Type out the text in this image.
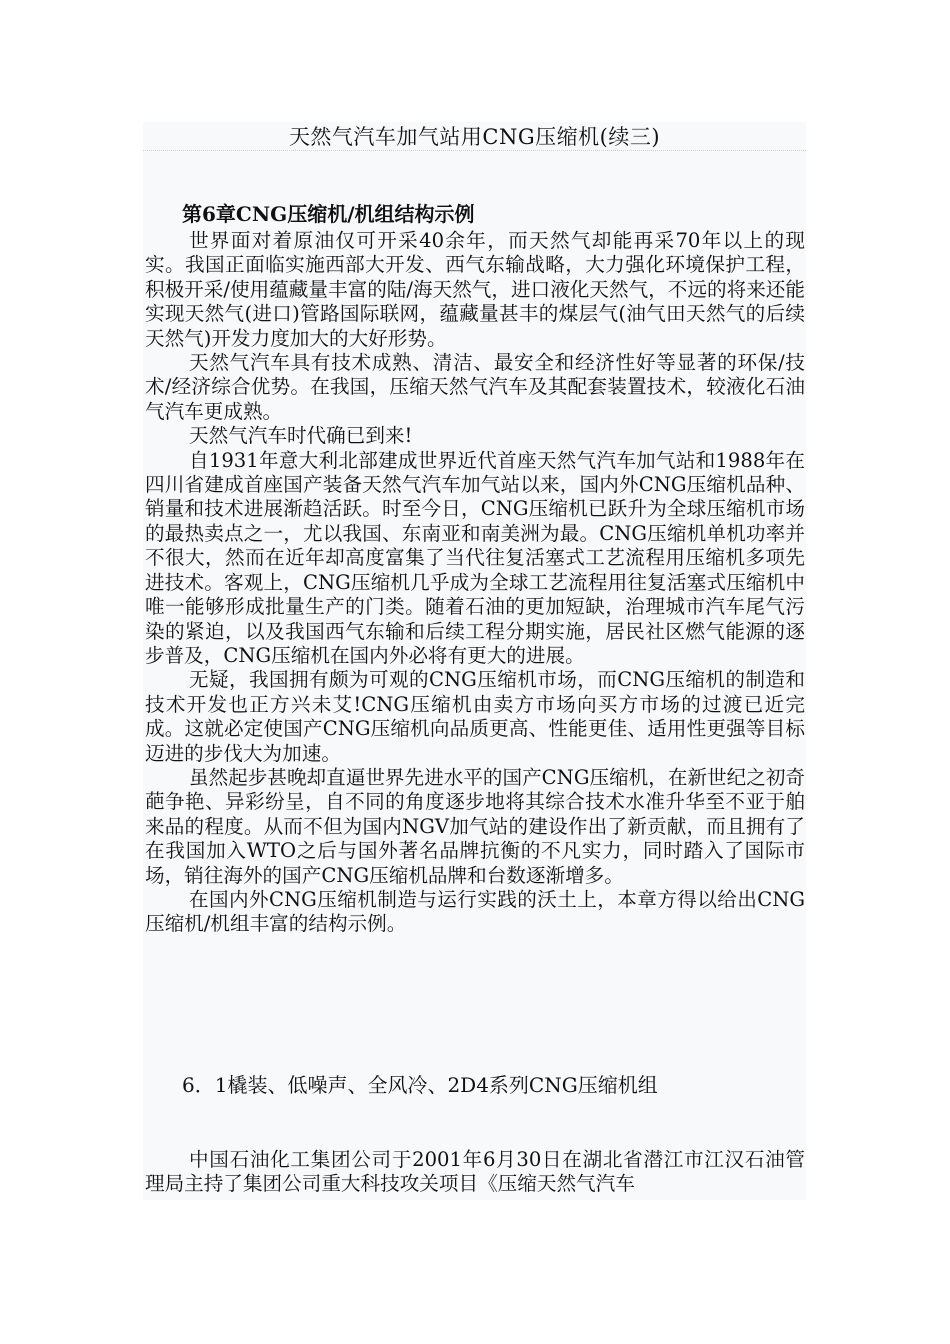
天然气汽车加气站用CNG压缩机(续三)
第6章CNG压缩机/机组结构示例

世界面对着原油仅可开采40余年，而天然气却能再采70年以上的现实。我国正面临实施西部大开发、西气东输战略，大力强化环境保护工程，积极开采/使用蕴藏量丰富的陆/海天然气，进口液化天然气，不远的将来还能实现天然气(进口)管路国际联网，蕴藏量甚丰的煤层气(油气田天然气的后续天然气)开发力度加大的大好形势。

天然气汽车具有技术成熟、清洁、最安全和经济性好等显著的环保/技术/经济综合优势。在我国，压缩天然气汽车及其配套装置技术，较液化石油气汽车更成熟。

天然气汽车时代确已到来!

自1931年意大利北部建成世界近代首座天然气汽车加气站和1988年在四川省建成首座国产装备天然气汽车加气站以来，国内外CNG压缩机品种、销量和技术进展渐趋活跃。时至今日，CNG压缩机已跃升为全球压缩机市场的最热卖点之一，尤以我国、东南亚和南美洲为最。CNG压缩机单机功率并不很大，然而在近年却高度富集了当代往复活塞式工艺流程用压缩机多项先进技术。客观上，CNG压缩机几乎成为全球工艺流程用往复活塞式压缩机中唯一能够形成批量生产的门类。随着石油的更加短缺，治理城市汽车尾气污染的紧迫，以及我国西气东输和后续工程分期实施，居民社区燃气能源的逐步普及，CNG压缩机在国内外必将有更大的进展。

无疑，我国拥有颇为可观的CNG压缩机市场，而CNG压缩机的制造和技术开发也正方兴未艾!CNG压缩机由卖方市场向买方市场的过渡已近完成。这就必定使国产CNG压缩机向品质更高、性能更佳、适用性更强等目标迈进的步伐大为加速。

虽然起步甚晚却直逼世界先进水平的国产CNG压缩机，在新世纪之初奇葩争艳、异彩纷呈，自不同的角度逐步地将其综合技术水准升华至不亚于舶来品的程度。从而不但为国内NGV加气站的建设作出了新贡献，而且拥有了在我国加入WTO之后与国外著名品牌抗衡的不凡实力，同时踏入了国际市场，销往海外的国产CNG压缩机品牌和台数逐渐增多。

在国内外CNG压缩机制造与运行实践的沃土上，本章方得以给出CNG压缩机/机组丰富的结构示例。

6．1橇装、低噪声、全风冷、2D4系列CNG压缩机组

中国石油化工集团公司于2001年6月30日在湖北省潜江市江汉石油管理局主持了集团公司重大科技攻关项目《压缩天然气汽车
